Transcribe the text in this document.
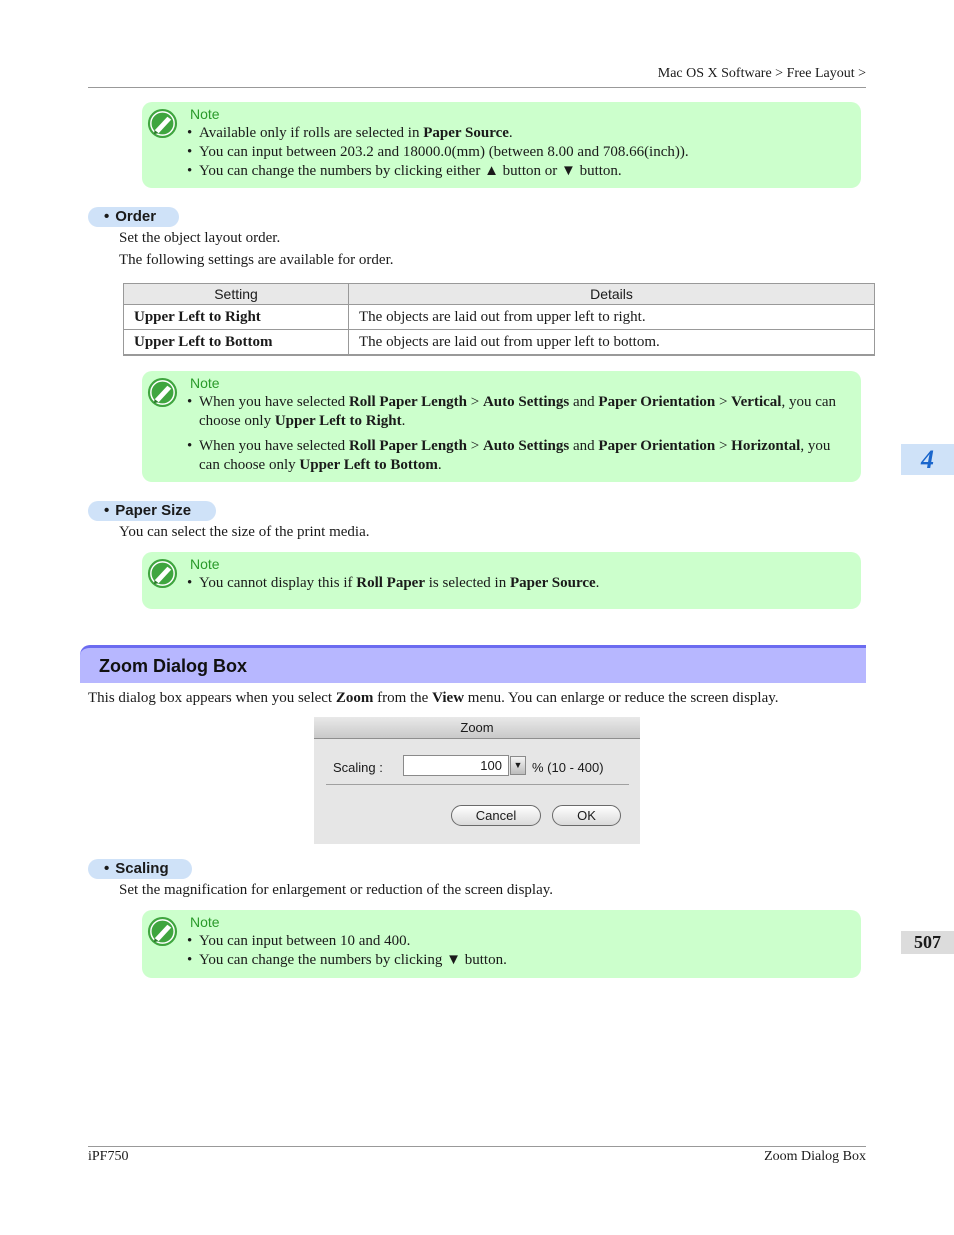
Mac OS X Software > Free Layout >
4
507
Note
• Available only if rolls are selected in Paper Source.
• You can input between 203.2 and 18000.0(mm) (between 8.00 and 708.66(inch)).
• You can change the numbers by clicking either ▲ button or ▼ button.
• Order
Set the object layout order.
The following settings are available for order.
Setting	Details
Upper Left to Right	The objects are laid out from upper left to right.
Upper Left to Bottom	The objects are laid out from upper left to bottom.
Note
• When you have selected Roll Paper Length > Auto Settings and Paper Orientation > Vertical, you can choose only Upper Left to Right.
• When you have selected Roll Paper Length > Auto Settings and Paper Orientation > Horizontal, you can choose only Upper Left to Bottom.
• Paper Size
You can select the size of the print media.
Note
• You cannot display this if Roll Paper is selected in Paper Source.
Zoom Dialog Box
This dialog box appears when you select Zoom from the View menu. You can enlarge or reduce the screen display.
Zoom
Scaling :	100	▼ % (10 - 400)
Cancel	OK
• Scaling
Set the magnification for enlargement or reduction of the screen display.
Note
• You can input between 10 and 400.
• You can change the numbers by clicking ▼ button.
iPF750	Zoom Dialog Box
